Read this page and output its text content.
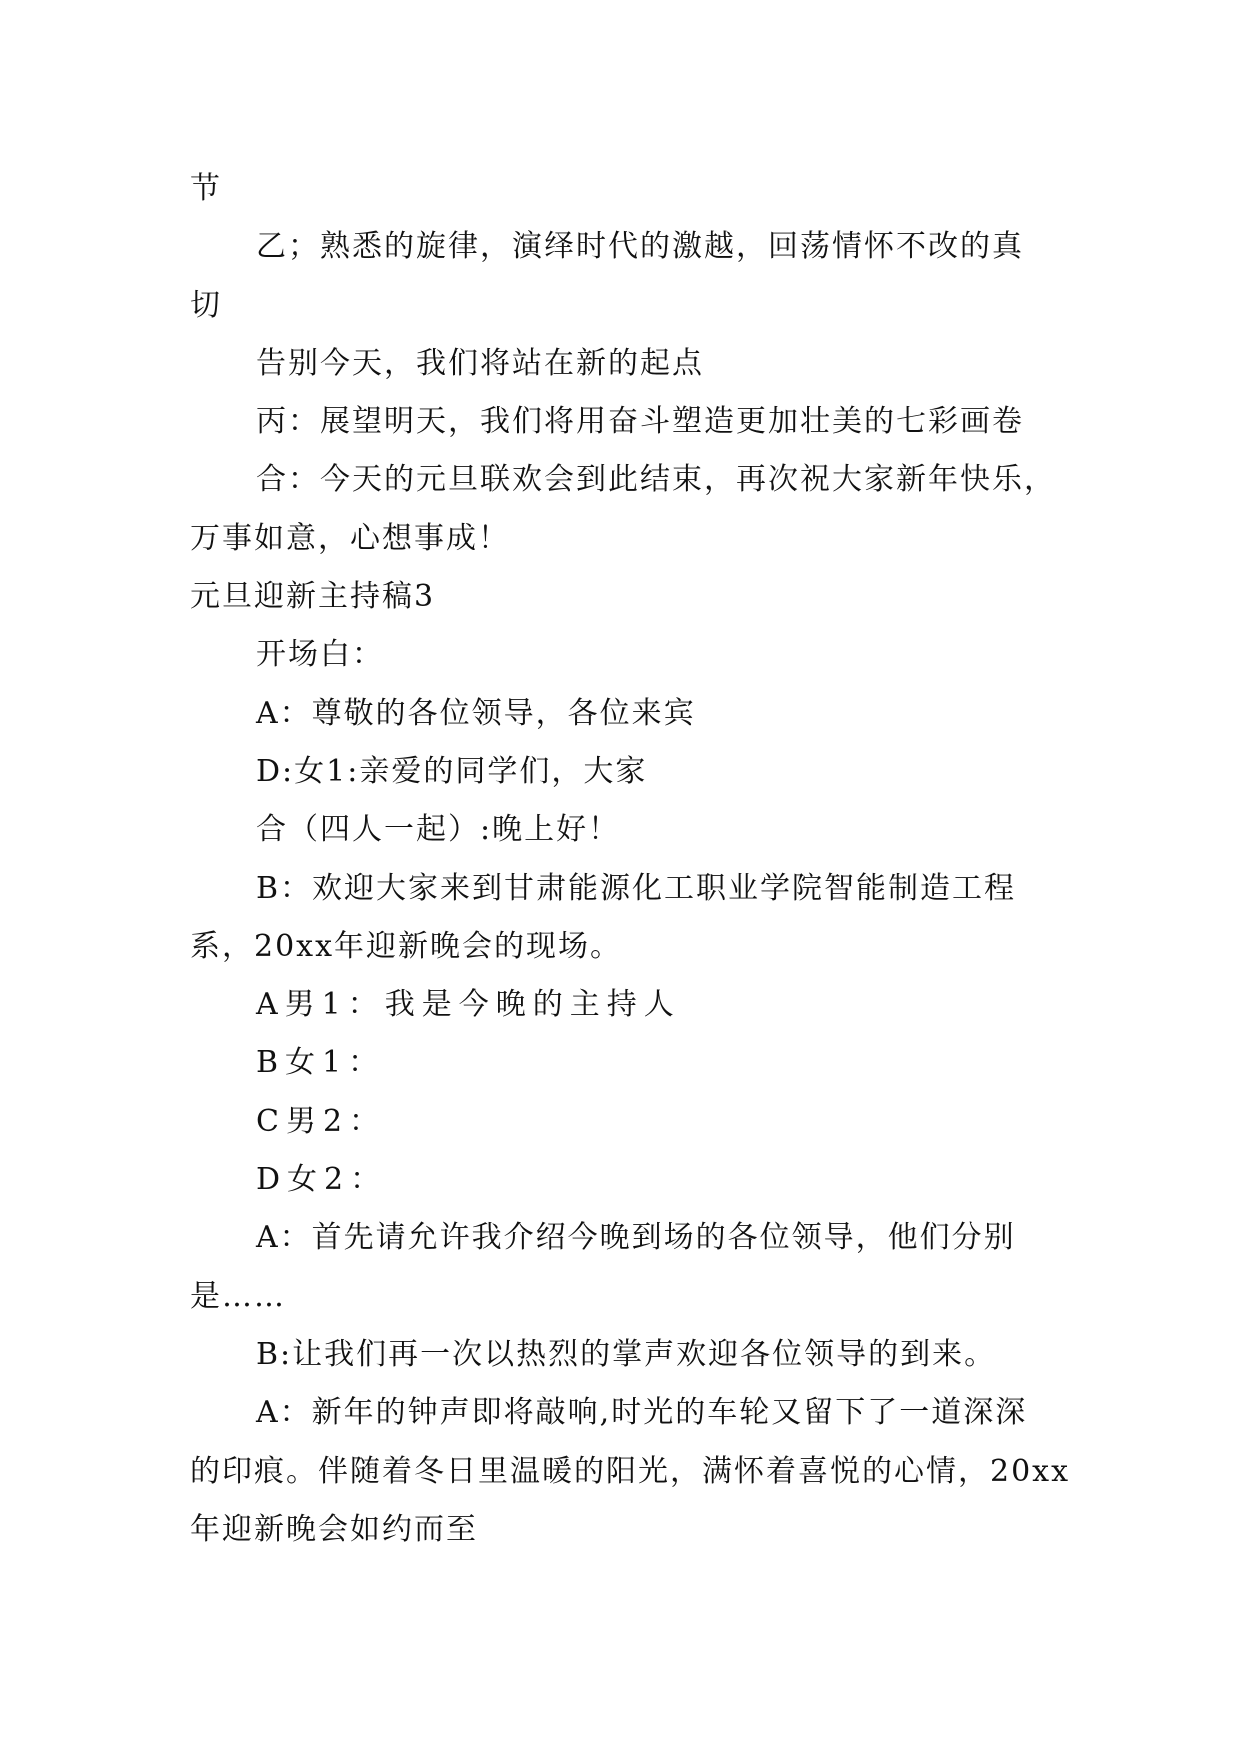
节
乙；熟悉的旋律，演绎时代的激越，回荡情怀不改的真
切
告别今天，我们将站在新的起点
丙：展望明天，我们将用奋斗塑造更加壮美的七彩画卷
合：今天的元旦联欢会到此结束，再次祝大家新年快乐，
万事如意，心想事成！
元旦迎新主持稿3
开场白：
A：尊敬的各位领导，各位来宾
D:女1:亲爱的同学们，大家
合（四人一起）:晚上好！
B：欢迎大家来到甘肃能源化工职业学院智能制造工程
系，20xx年迎新晚会的现场。
A男1：我是今晚的主持人
B女1：
C男2：
D女2：
A：首先请允许我介绍今晚到场的各位领导，他们分别
是……
B:让我们再一次以热烈的掌声欢迎各位领导的到来。
A：新年的钟声即将敲响,时光的车轮又留下了一道深深
的印痕。伴随着冬日里温暖的阳光，满怀着喜悦的心情，20xx
年迎新晚会如约而至
